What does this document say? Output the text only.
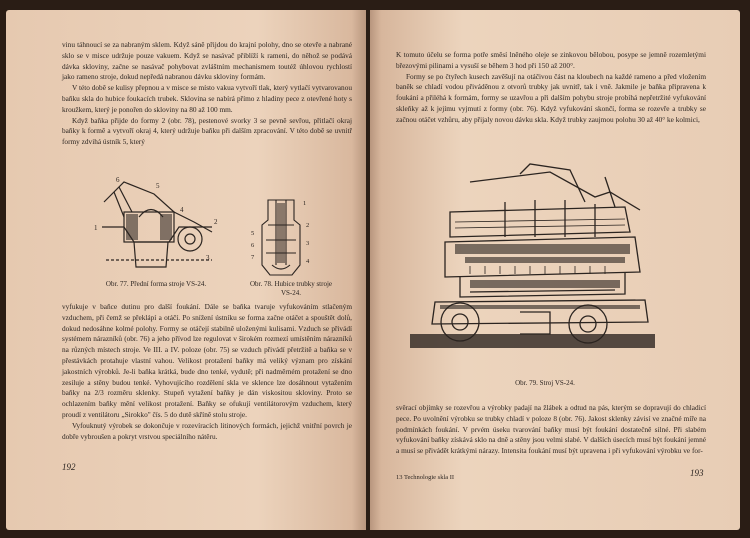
vinu táhnoucí se za nabraným sklem. Když sáně přijdou do krajní polohy, dno se otevře a nabrané sklo se v misce udržuje pouze vakuem. Když se nasávač přiblíží k rameni, do něhož se podává dávka skloviny, začne se nasávač pohybovat zvláštním mechanismem toutéž úhlovou rychlostí jako rameno stroje, dokud nepředá nabranou dávku skloviny formám.

V této době se kulisy přepnou a v misce se místo vakua vytvoří tlak, který vytlačí vytvarovanou baňku skla do hubice foukacích trubek. Sklovina se nabírá přímo z hladiny pece z otevřené hoty s kroužkem, který je ponořen do skloviny na 80 až 100 mm.

Když baňka přijde do formy 2 (obr. 78), pestenové svorky 3 se pevně sevřou, přitlačí okraj baňky k formě a vytvoří okraj 4, který udržuje baňku při dalším zpracování. V této době se uvnitř formy zdvihá ústník 5, který

6
5
4
1
2
3
1
2
3
4
5
6
7
Obr. 77. Přední forma stroje VS-24.	Obr. 78. Hubice trubky stroje VS-24.

vyfukuje v baňce dutinu pro další foukání. Dále se baňka tvaruje vyfukováním stlačeným vzduchem, při čemž se překlápí a otáčí. Po snížení ústníku se forma začne otáčet a spouštět dolů, dokud nedosáhne kolmé polohy. Formy se otáčejí stabilně uloženými kulisami. Vzduch se přivádí systémem nárazníků (obr. 76) a jeho přívod lze regulovat v širokém rozmezí umístěním nárazníků na různých místech stroje. Ve III. a IV. poloze (obr. 75) se vzduch přivádí přetržitě a baňka se v přestávkách protahuje vlastní vahou. Velikost protažení baňky má veliký význam pro získání jakostních výrobků. Je-li baňka krátká, bude dno tenké, vydutě; při nadměrném protažení se dno zesiluje a stěny budou tenké. Vyhovujícího rozdělení skla ve sklence lze dosáhnout vytažením baňky na 2/3 rozměru sklenky. Stupeň vytažení baňky je dán viskositou skloviny. Proto se ochlazením baňky mění velikost protažení. Baňky se ofukují ventilátorovým vzduchem, který proudí z ventilátoru „Sirokko" čís. 5 do dutě skříně stolu stroje.

Vyfouknutý výrobek se dokončuje v rozevíracích litinových formách, jejichž vnitřní povrch je dobře vybroušen a pokryt vrstvou speciálního nátěru.

192

K tomuto účelu se forma potře směsí lněného oleje se zinkovou bělobou, posype se jemně rozemletými březovými pilinami a vysuší se během 3 hod při 150 až 200°.

Formy se po čtyřech kusech zavěšují na otáčivou část na kloubech na každé rameno a před vložením baněk se chladí vodou přiváděnou z otvorů trubky jak uvnitř, tak i vně. Jakmile je baňka připravena k foukání a přiléhá k formám, formy se uzavřou a při dalším pohybu stroje probíhá nepřetržité vyfukování skleňky až k jejímu vyjmutí z formy (obr. 76). Když vyfukování skončí, forma se rozevře a trubky se začnou otáčet vzhůru, aby přijaly novou dávku skla. Když trubky zaujmou polohu 30 až 40° ke kolmici,

Obr. 79. Stroj VS-24.

svěrací objímky se rozevřou a výrobky padají na žlábek a odtud na pás, kterým se dopravují do chladicí pece. Po uvolnění výrobku se trubky chladí v poloze 8 (obr. 76). Jakost sklenky závisí ve značné míře na podmínkách foukání. V prvém úseku tvarování baňky musí být foukání dostatečně silné. Při slabém vyfukování baňky získává sklo na dně a stěny jsou velmi slabé. V dalších úsecích musí být foukání jemné a musí se přivádět krátkými nárazy. Intensita foukání musí být upravena i při vyfukování výrobku ve for-

13 Technologie skla II	193
